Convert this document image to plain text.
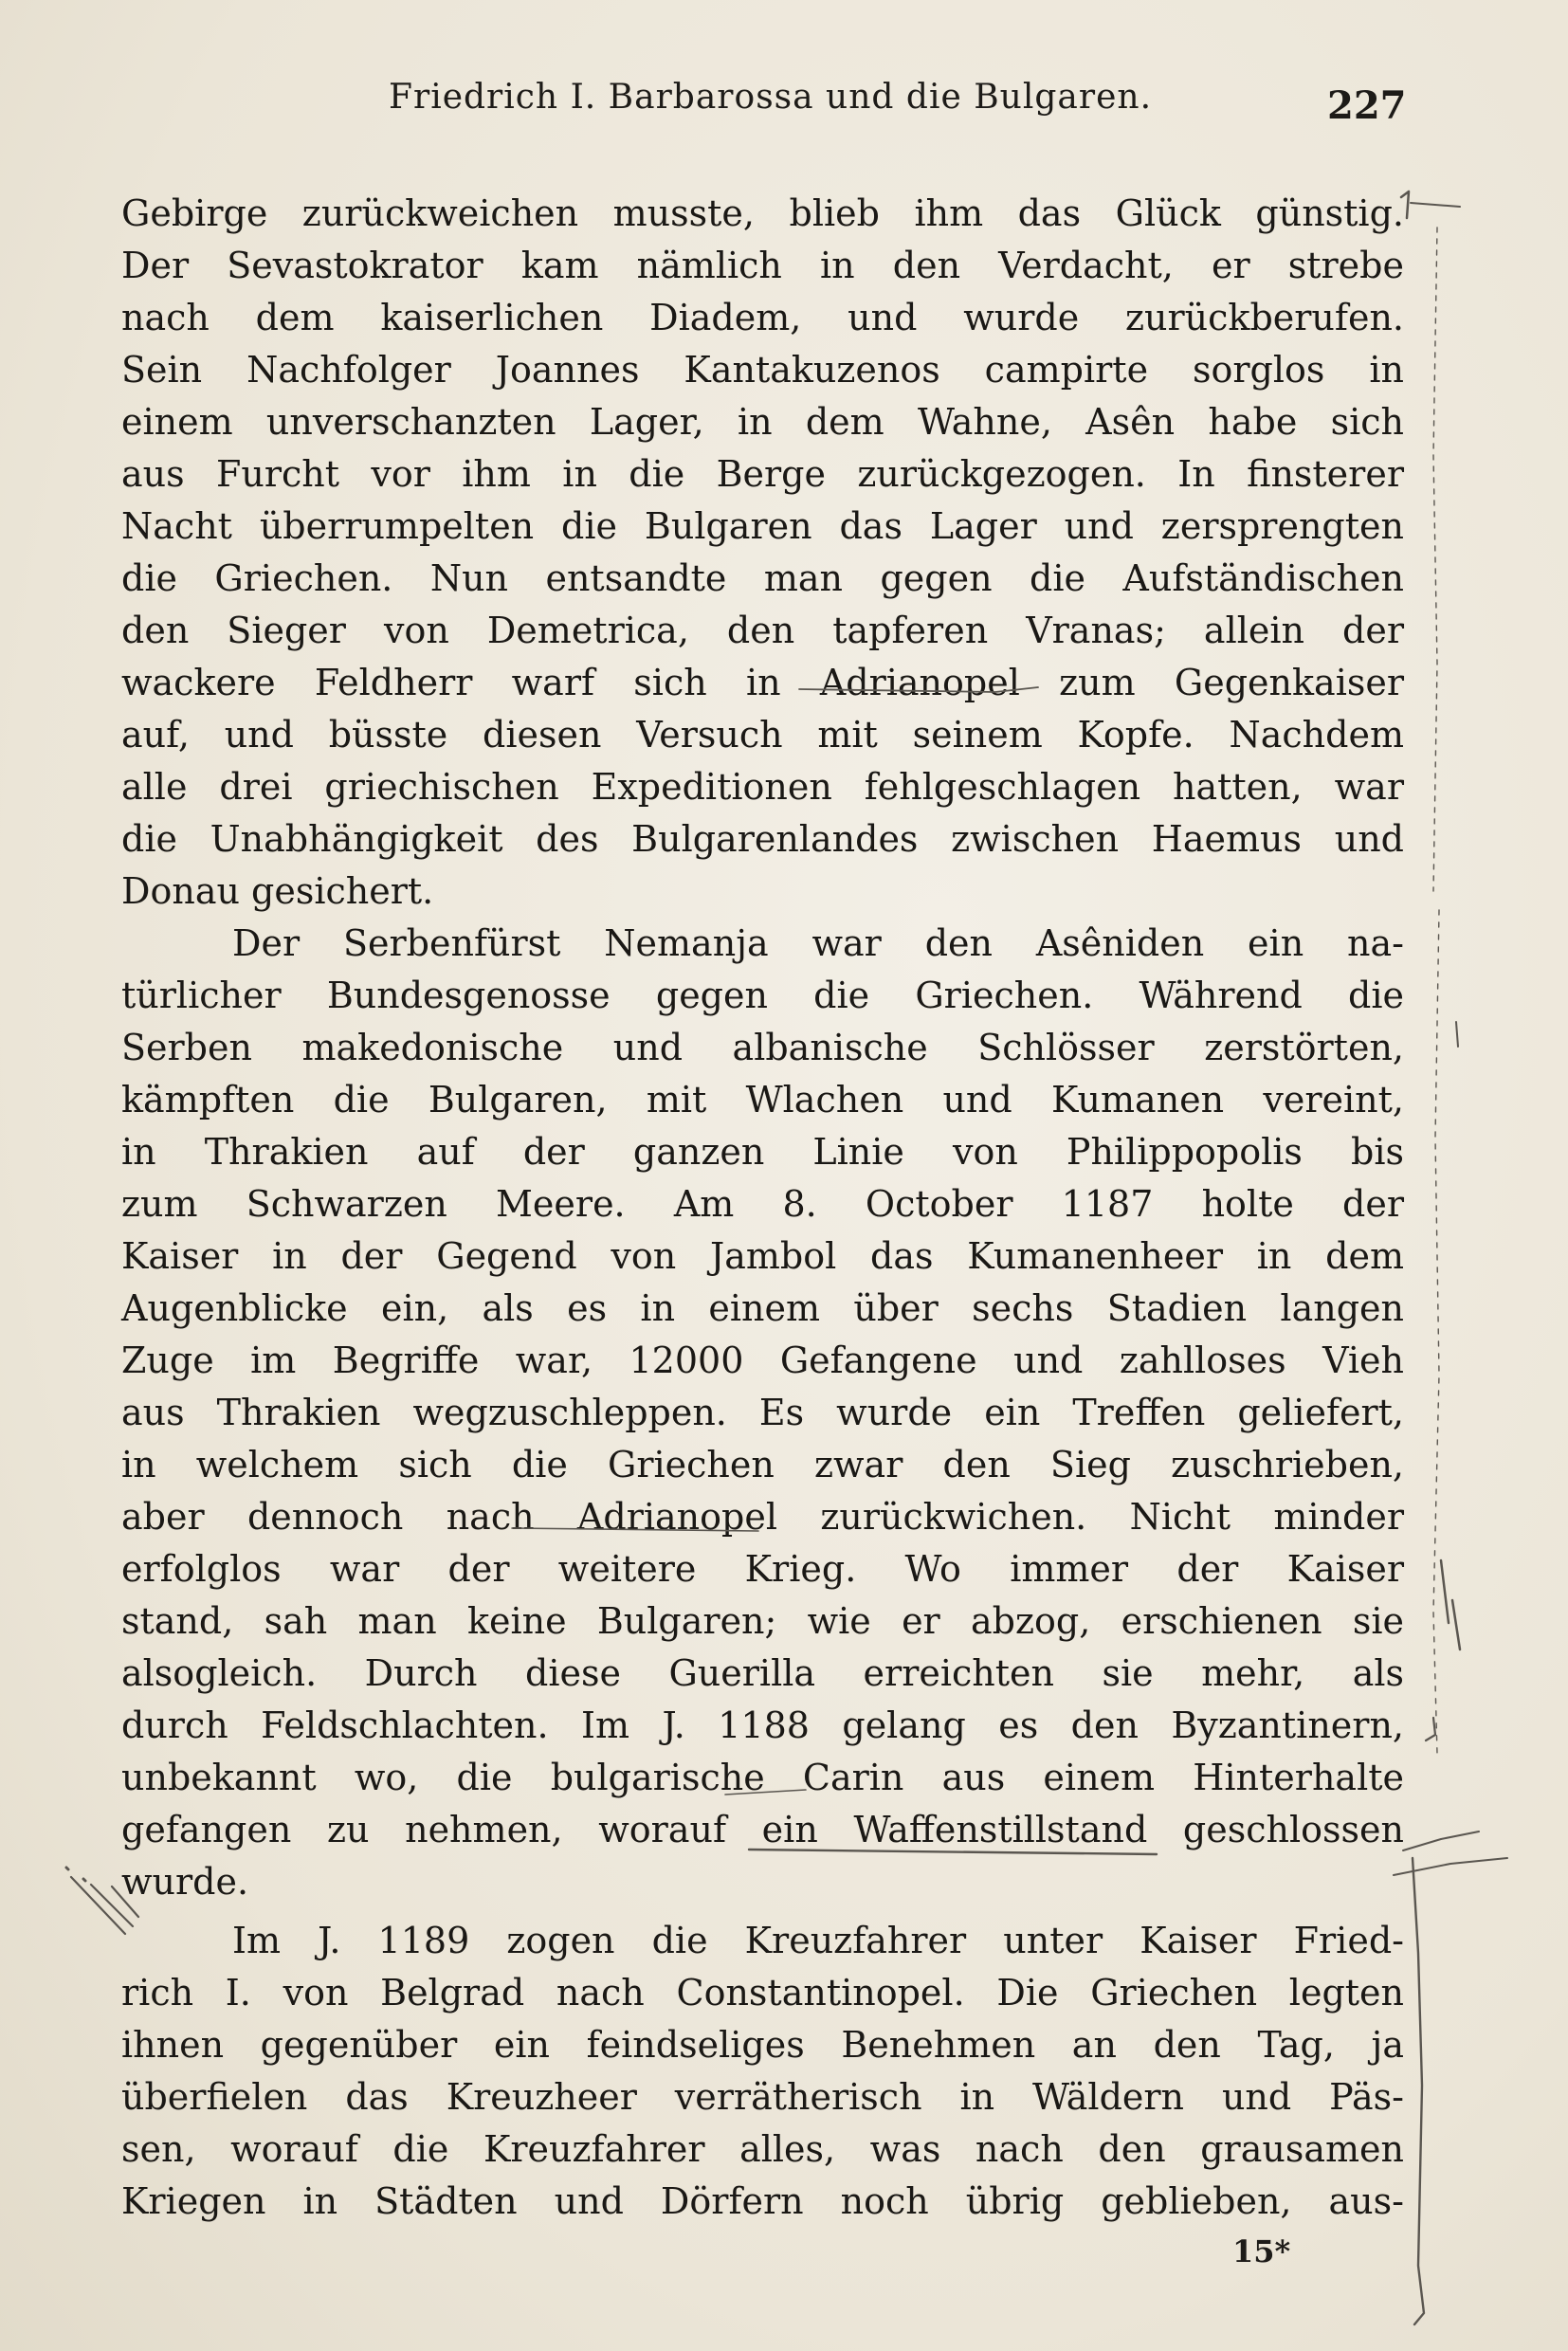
Friedrich I. Barbarossa und die Bulgaren.	227
Gebirge zurückweichen musste, blieb ihm das Glück günstig.
Der Sevastokrator kam nämlich in den Verdacht, er strebe
nach dem kaiserlichen Diadem, und wurde zurückberufen.
Sein Nachfolger Joannes Kantakuzenos campirte sorglos in
einem unverschanzten Lager, in dem Wahne, Asên habe sich
aus Furcht vor ihm in die Berge zurückgezogen. In finsterer
Nacht überrumpelten die Bulgaren das Lager und zersprengten
die Griechen. Nun entsandte man gegen die Aufständischen
den Sieger von Demetrica, den tapferen Vranas; allein der
wackere Feldherr warf sich in Adrianopel zum Gegenkaiser
auf, und büsste diesen Versuch mit seinem Kopfe. Nachdem
alle drei griechischen Expeditionen fehlgeschlagen hatten, war
die Unabhängigkeit des Bulgarenlandes zwischen Haemus und
Donau gesichert.
Der Serbenfürst Nemanja war den Asêniden ein na-
türlicher Bundesgenosse gegen die Griechen. Während die
Serben makedonische und albanische Schlösser zerstörten,
kämpften die Bulgaren, mit Wlachen und Kumanen vereint,
in Thrakien auf der ganzen Linie von Philippopolis bis
zum Schwarzen Meere. Am 8. October 1187 holte der
Kaiser in der Gegend von Jambol das Kumanenheer in dem
Augenblicke ein, als es in einem über sechs Stadien langen
Zuge im Begriffe war, 12000 Gefangene und zahlloses Vieh
aus Thrakien wegzuschleppen. Es wurde ein Treffen geliefert,
in welchem sich die Griechen zwar den Sieg zuschrieben,
aber dennoch nach Adrianopel zurückwichen. Nicht minder
erfolglos war der weitere Krieg. Wo immer der Kaiser
stand, sah man keine Bulgaren; wie er abzog, erschienen sie
alsogleich. Durch diese Guerilla erreichten sie mehr, als
durch Feldschlachten. Im J. 1188 gelang es den Byzantinern,
unbekannt wo, die bulgarische Carin aus einem Hinterhalte
gefangen zu nehmen, worauf ein Waffenstillstand geschlossen
wurde.
Im J. 1189 zogen die Kreuzfahrer unter Kaiser Fried-
rich I. von Belgrad nach Constantinopel. Die Griechen legten
ihnen gegenüber ein feindseliges Benehmen an den Tag, ja
überfielen das Kreuzheer verrätherisch in Wäldern und Päs-
sen, worauf die Kreuzfahrer alles, was nach den grausamen
Kriegen in Städten und Dörfern noch übrig geblieben, aus-
15*
